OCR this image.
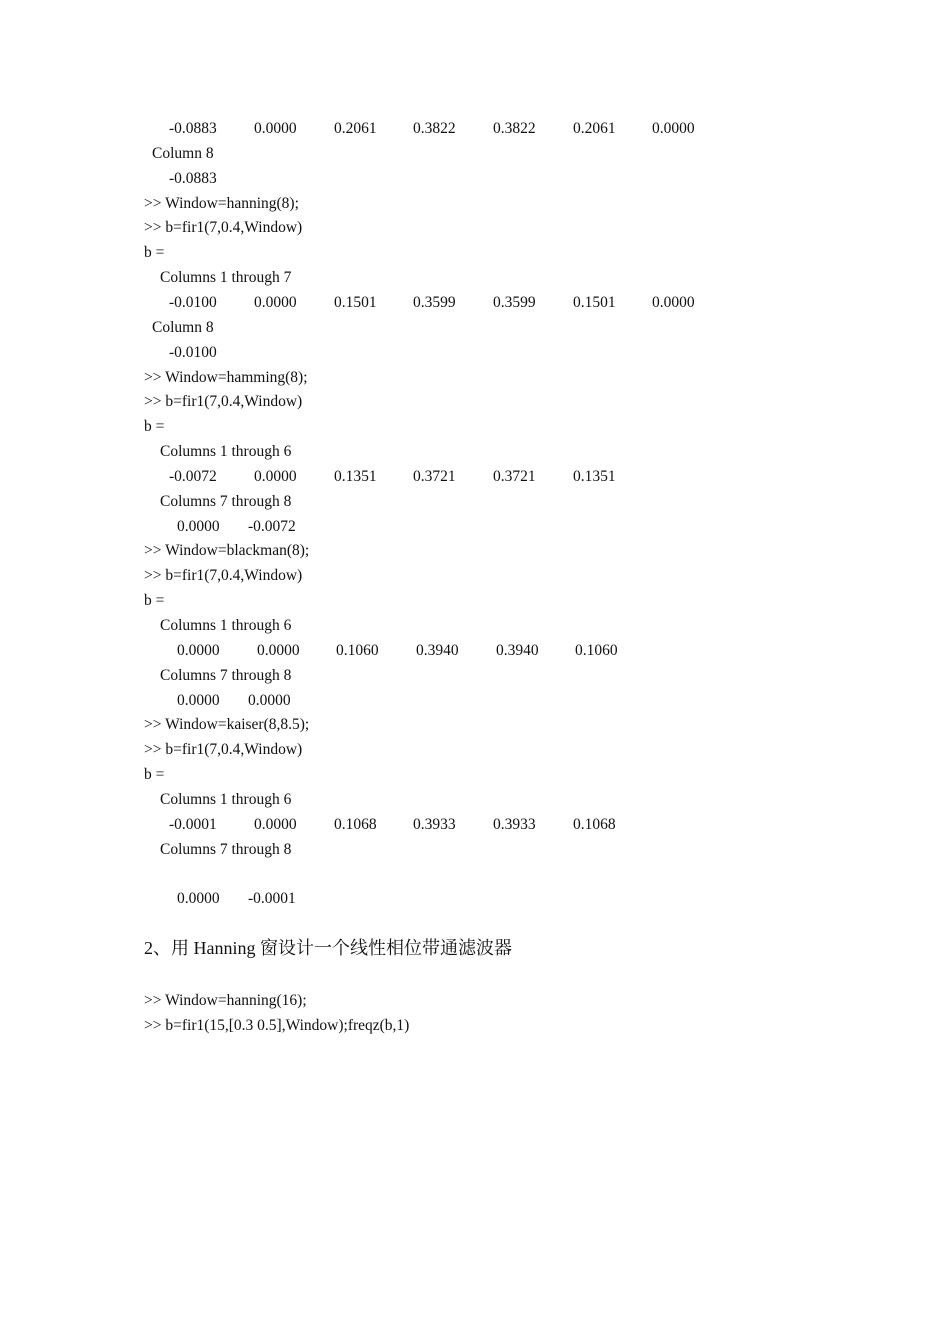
-0.0883 0.0000 0.2061 0.3822 0.3822 0.2061 0.0000
Column 8
-0.0883
>> Window=hanning(8);
>> b=fir1(7,0.4,Window)
b =
Columns 1 through 7
-0.0100 0.0000 0.1501 0.3599 0.3599 0.1501 0.0000
Column 8
-0.0100
>> Window=hamming(8);
>> b=fir1(7,0.4,Window)
b =
Columns 1 through 6
-0.0072 0.0000 0.1351 0.3721 0.3721 0.1351
Columns 7 through 8
0.0000 -0.0072
>> Window=blackman(8);
>> b=fir1(7,0.4,Window)
b =
Columns 1 through 6
0.0000 0.0000 0.1060 0.3940 0.3940 0.1060
Columns 7 through 8
0.0000 0.0000
>> Window=kaiser(8,8.5);
>> b=fir1(7,0.4,Window)
b =
Columns 1 through 6
-0.0001 0.0000 0.1068 0.3933 0.3933 0.1068
Columns 7 through 8
0.0000 -0.0001
2、用 Hanning 窗设计一个线性相位带通滤波器
>> Window=hanning(16);
>> b=fir1(15,[0.3 0.5],Window);freqz(b,1)
